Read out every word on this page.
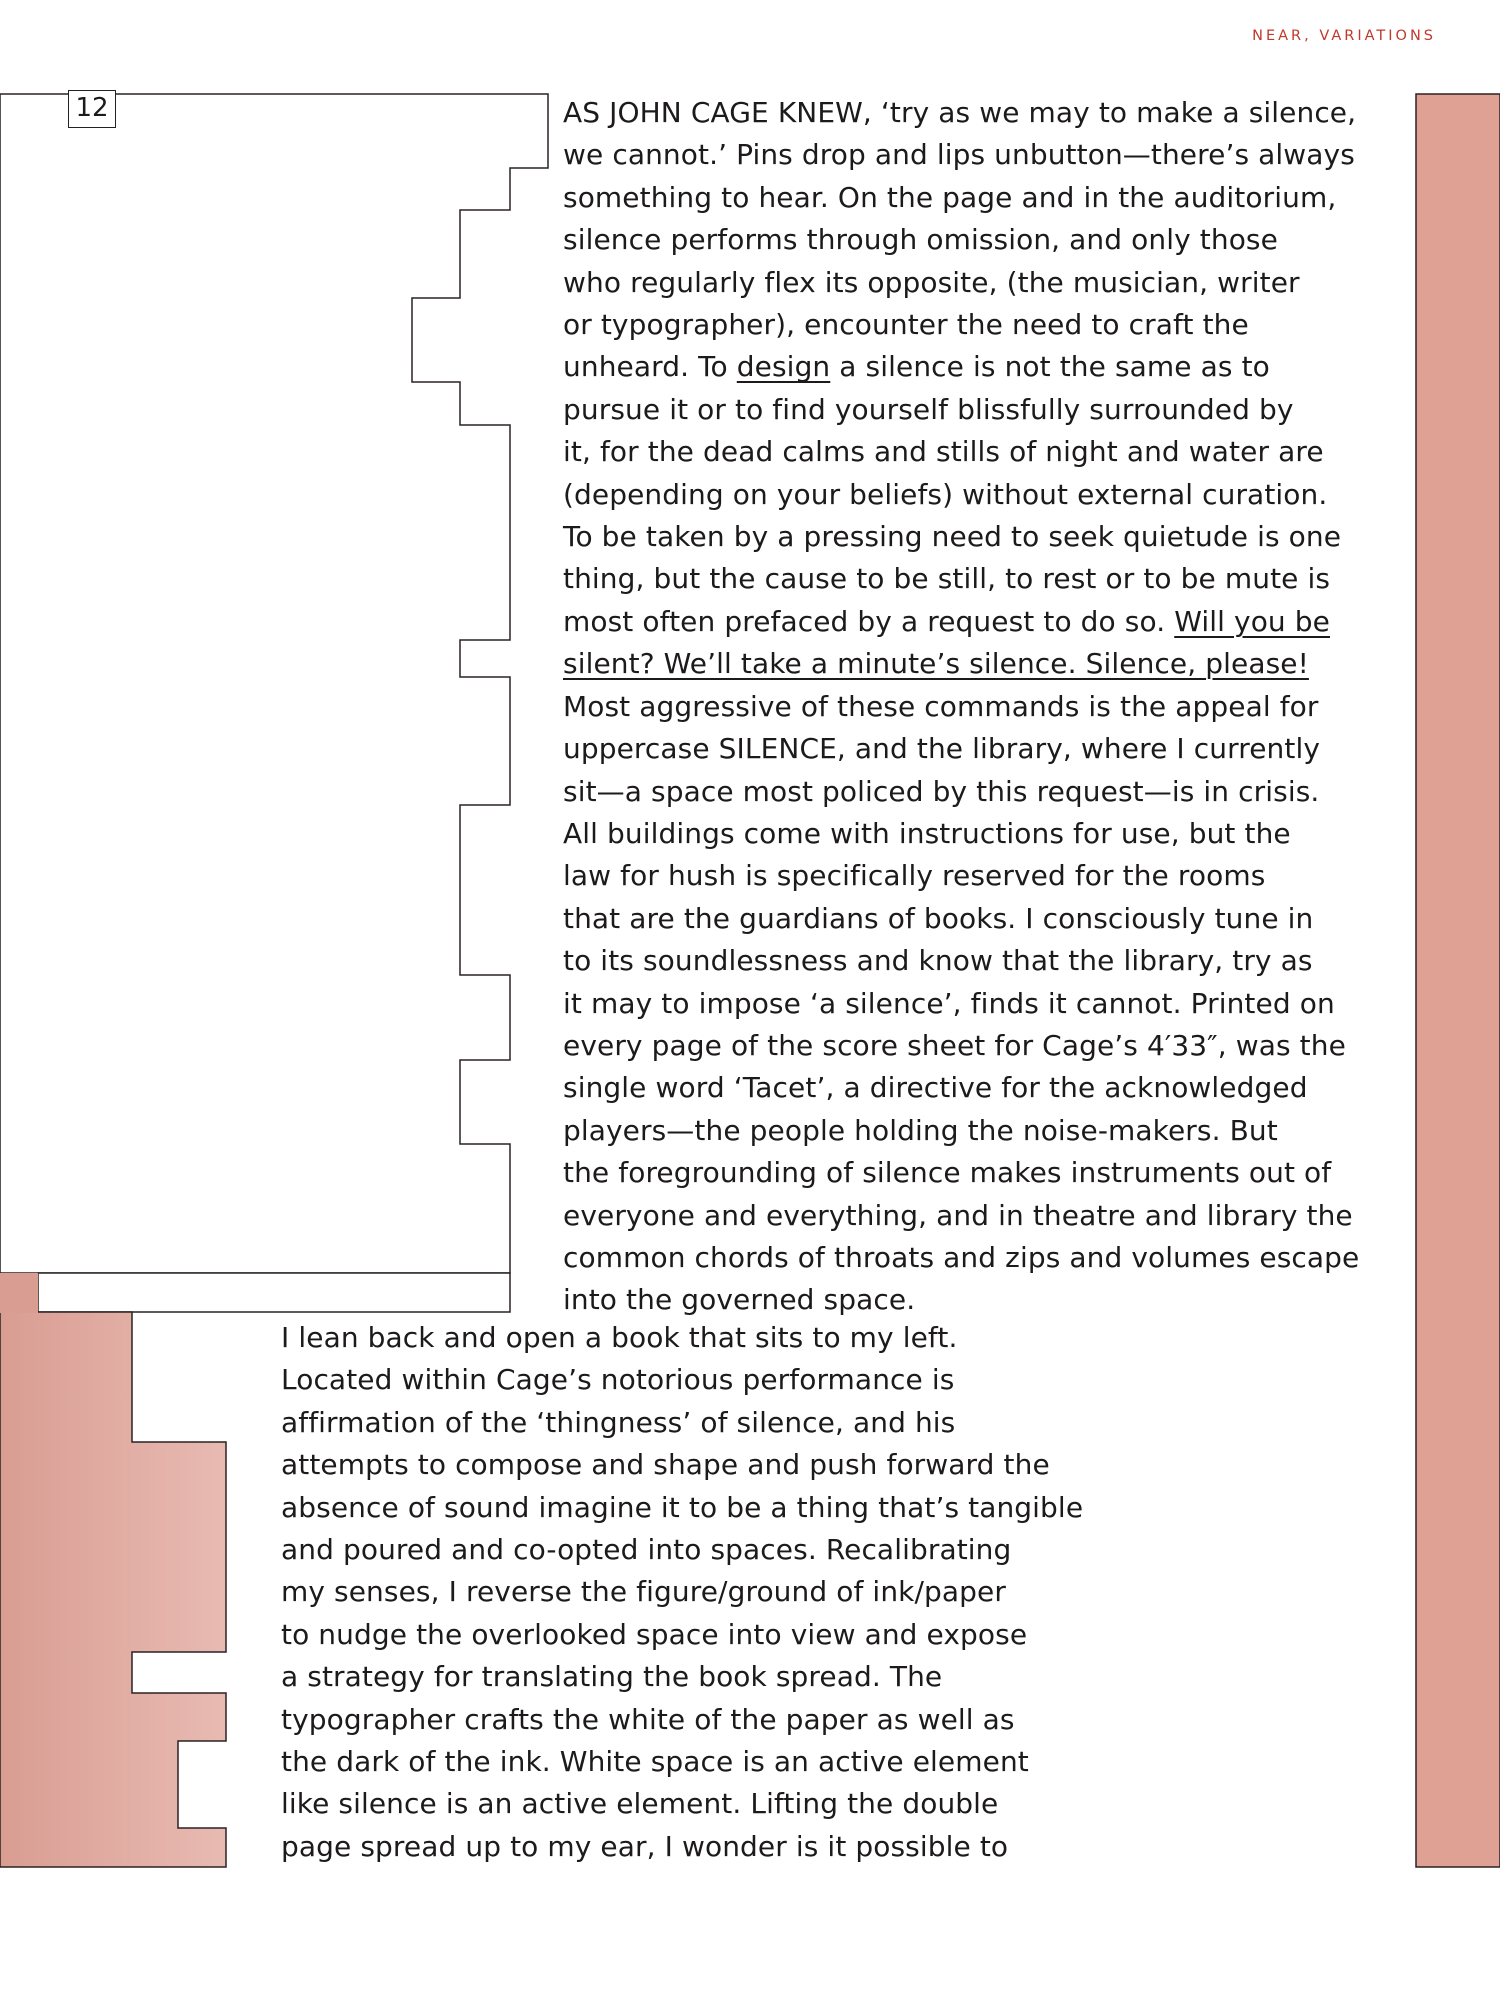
NEAR, VARIATIONS
12	AS JOHN CAGE KNEW, ‘try as we may to make a silence,
we cannot.’ Pins drop and lips unbutton—there’s always
something to hear. On the page and in the auditorium,
silence performs through omission, and only those
who regularly flex its opposite, (the musician, writer
or typographer), encounter the need to craft the
unheard. To design a silence is not the same as to
pursue it or to find yourself blissfully surrounded by
it, for the dead calms and stills of night and water are
(depending on your beliefs) without external curation.
To be taken by a pressing need to seek quietude is one
thing, but the cause to be still, to rest or to be mute is
most often prefaced by a request to do so. Will you be
silent? We’ll take a minute’s silence. Silence, please!
Most aggressive of these commands is the appeal for
uppercase SILENCE, and the library, where I currently
sit—a space most policed by this request—is in crisis.
All buildings come with instructions for use, but the
law for hush is specifically reserved for the rooms
that are the guardians of books. I consciously tune in
to its soundlessness and know that the library, try as
it may to impose ‘a silence’, finds it cannot. Printed on
every page of the score sheet for Cage’s 4′33″, was the
single word ‘Tacet’, a directive for the acknowledged
players—the people holding the noise-makers. But
the foregrounding of silence makes instruments out of
everyone and everything, and in theatre and library the
common chords of throats and zips and volumes escape
into the governed space.
I lean back and open a book that sits to my left.
Located within Cage’s notorious performance is
affirmation of the ‘thingness’ of silence, and his
attempts to compose and shape and push forward the
absence of sound imagine it to be a thing that’s tangible
and poured and co-opted into spaces. Recalibrating
my senses, I reverse the figure/ground of ink/paper
to nudge the overlooked space into view and expose
a strategy for translating the book spread. The
typographer crafts the white of the paper as well as
the dark of the ink. White space is an active element
like silence is an active element. Lifting the double
page spread up to my ear, I wonder is it possible to
